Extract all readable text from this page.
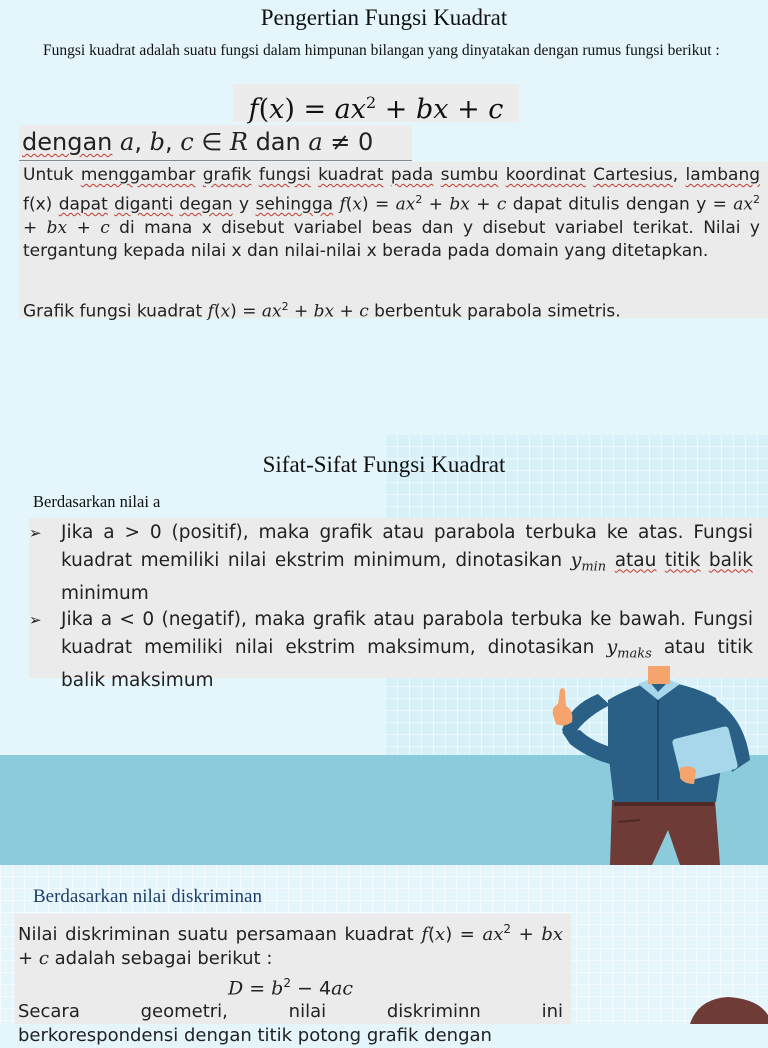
Pengertian Fungsi Kuadrat
Fungsi kuadrat adalah suatu fungsi dalam himpunan bilangan yang dinyatakan dengan rumus fungsi berikut :
$f(x) = ax^2$ + bx + c
dengan a, b, c ∈ R dan a ≠ 0
Untuk menggambar grafik fungsi kuadrat pada sumbu koordinat Cartesius, lambang f(x) dapat diganti degan y sehingga $f(x) = ax^2$ + bx + c dapat ditulis dengan $y = ax^2$ + bx + c di mana x disebut variabel beas dan y disebut variabel terikat. Nilai y tergantung kepada nilai x dan nilai-nilai x berada pada domain yang ditetapkan.
Grafik fungsi kuadrat $f(x) = ax^2$ + bx + c berbentuk parabola simetris.
Sifat-Sifat Fungsi Kuadrat
Berdasarkan nilai a
➢	Jika a > 0 (positif), maka grafik atau parabola terbuka ke atas. Fungsi kuadrat memiliki nilai ekstrim minimum, dinotasikan $y_{min}$ atau titik balik minimum
➢	Jika a < 0 (negatif), maka grafik atau parabola terbuka ke bawah. Fungsi kuadrat memiliki nilai ekstrim maksimum, dinotasikan $y_{maks}$ atau titik balik maksimum
Berdasarkan nilai diskriminan
Nilai diskriminan suatu persamaan kuadrat $f(x) = ax^2$ + bx + c adalah sebagai berikut :
$D = b^2 - 4ac$
Secara geometri, nilai diskriminn ini
berkorespondensi dengan titik potong grafik dengan
